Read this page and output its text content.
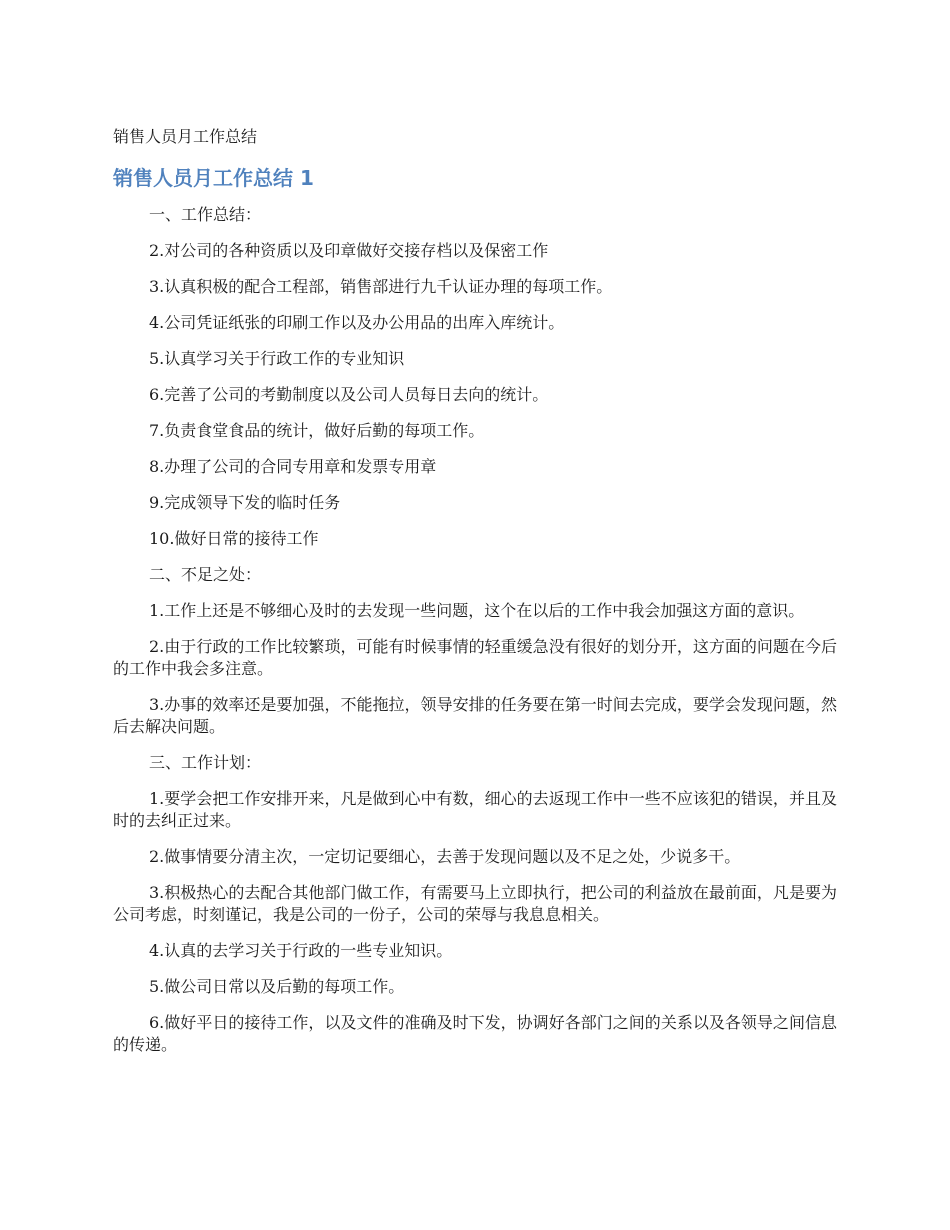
销售人员月工作总结
销售人员月工作总结 1

一、工作总结：

2.对公司的各种资质以及印章做好交接存档以及保密工作

3.认真积极的配合工程部，销售部进行九千认证办理的每项工作。

4.公司凭证纸张的印刷工作以及办公用品的出库入库统计。

5.认真学习关于行政工作的专业知识

6.完善了公司的考勤制度以及公司人员每日去向的统计。

7.负责食堂食品的统计，做好后勤的每项工作。

8.办理了公司的合同专用章和发票专用章

9.完成领导下发的临时任务

10.做好日常的接待工作

二、不足之处：

1.工作上还是不够细心及时的去发现一些问题，这个在以后的工作中我会加强这方面的意识。

2.由于行政的工作比较繁琐，可能有时候事情的轻重缓急没有很好的划分开，这方面的问题在今后的工作中我会多注意。

3.办事的效率还是要加强，不能拖拉，领导安排的任务要在第一时间去完成，要学会发现问题，然后去解决问题。

三、工作计划：

1.要学会把工作安排开来，凡是做到心中有数，细心的去返现工作中一些不应该犯的错误，并且及时的去纠正过来。

2.做事情要分清主次，一定切记要细心，去善于发现问题以及不足之处，少说多干。

3.积极热心的去配合其他部门做工作，有需要马上立即执行，把公司的利益放在最前面，凡是要为公司考虑，时刻谨记，我是公司的一份子，公司的荣辱与我息息相关。

4.认真的去学习关于行政的一些专业知识。

5.做公司日常以及后勤的每项工作。

6.做好平日的接待工作，以及文件的准确及时下发，协调好各部门之间的关系以及各领导之间信息的传递。
